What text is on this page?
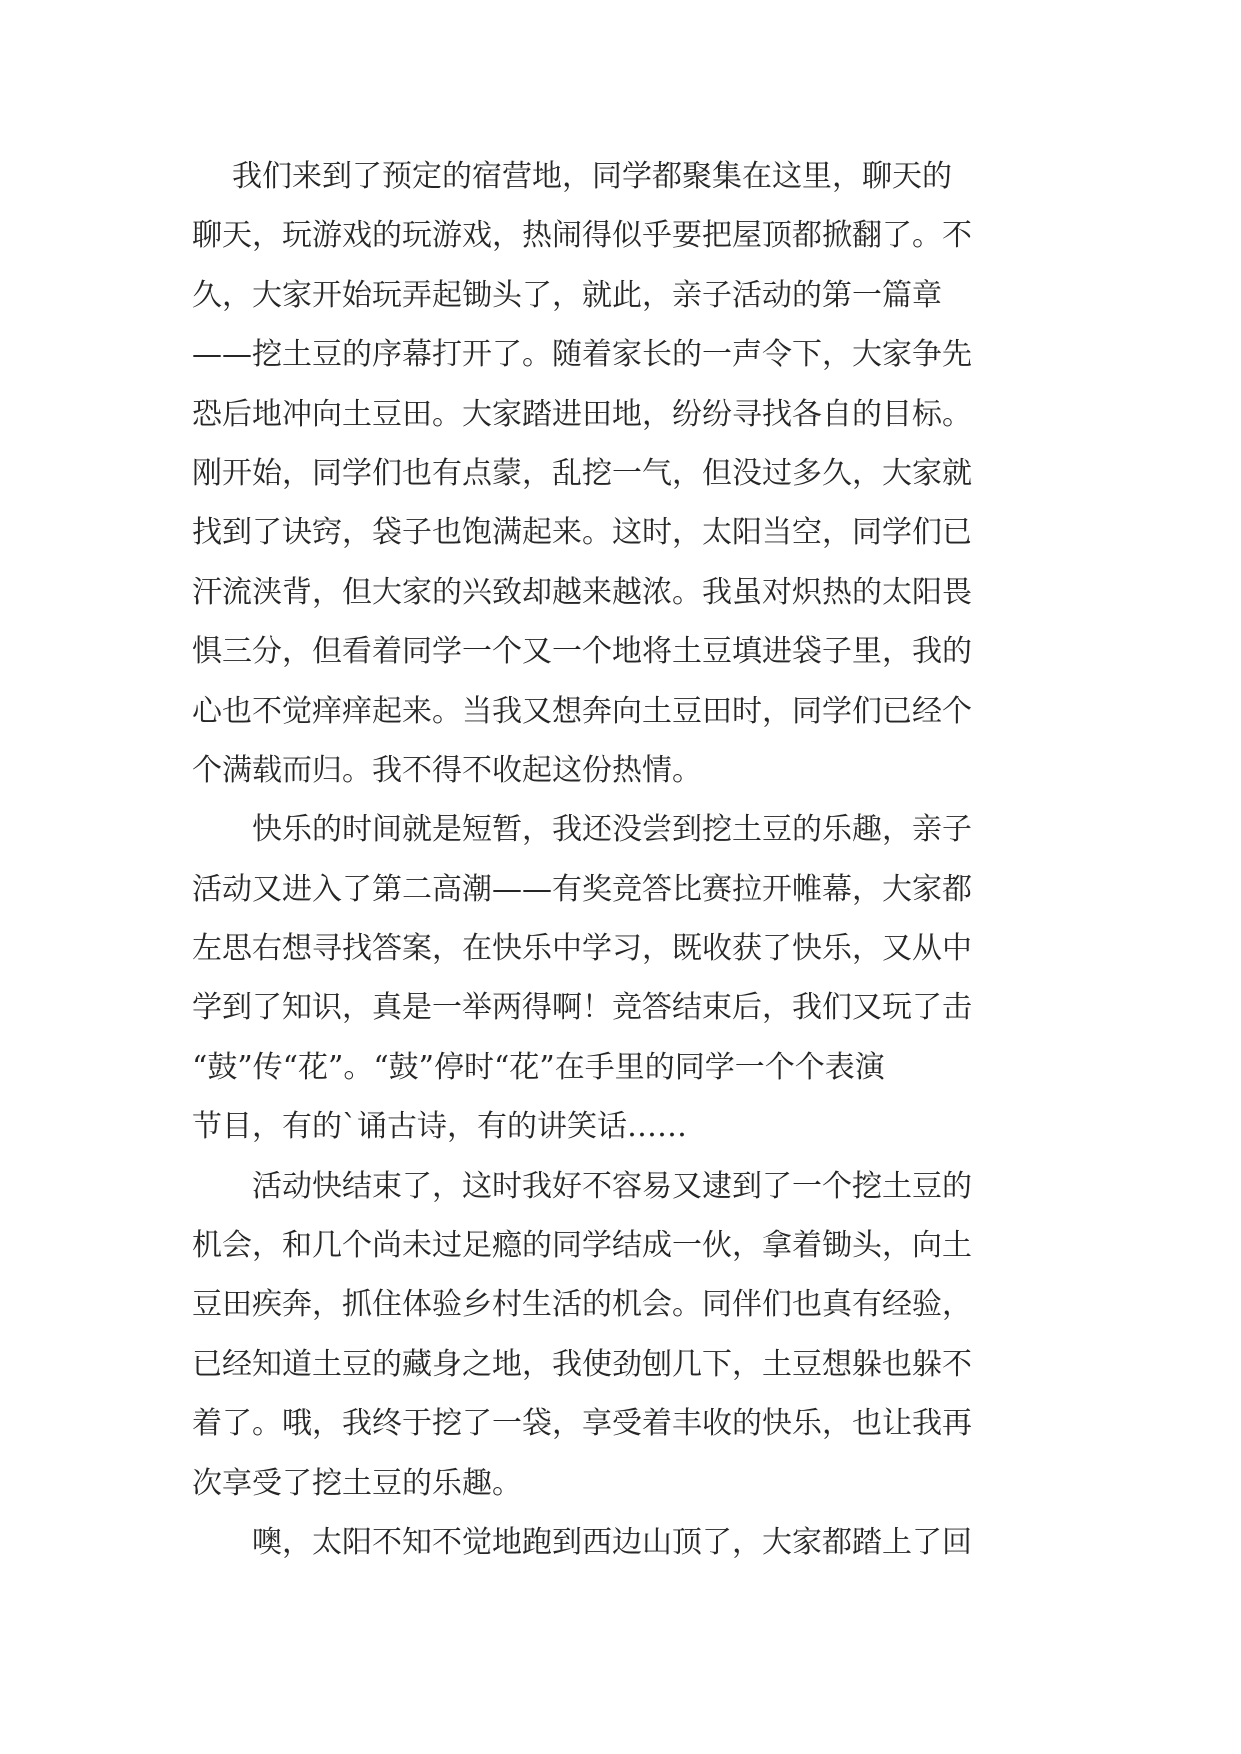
我们来到了预定的宿营地，同学都聚集在这里，聊天的
聊天，玩游戏的玩游戏，热闹得似乎要把屋顶都掀翻了。不
久，大家开始玩弄起锄头了，就此，亲子活动的第一篇章
——挖土豆的序幕打开了。随着家长的一声令下，大家争先
恐后地冲向土豆田。大家踏进田地，纷纷寻找各自的目标。
刚开始，同学们也有点蒙，乱挖一气，但没过多久，大家就
找到了诀窍，袋子也饱满起来。这时，太阳当空，同学们已
汗流浃背，但大家的兴致却越来越浓。我虽对炽热的太阳畏
惧三分，但看着同学一个又一个地将土豆填进袋子里，我的
心也不觉痒痒起来。当我又想奔向土豆田时，同学们已经个
个满载而归。我不得不收起这份热情。
快乐的时间就是短暂，我还没尝到挖土豆的乐趣，亲子
活动又进入了第二高潮——有奖竞答比赛拉开帷幕，大家都
左思右想寻找答案，在快乐中学习，既收获了快乐，又从中
学到了知识，真是一举两得啊！竞答结束后，我们又玩了击
“鼓”传“花”。“鼓”停时“花”在手里的同学一个个表演
节目，有的`诵古诗，有的讲笑话……
活动快结束了，这时我好不容易又逮到了一个挖土豆的
机会，和几个尚未过足瘾的同学结成一伙，拿着锄头，向土
豆田疾奔，抓住体验乡村生活的机会。同伴们也真有经验，
已经知道土豆的藏身之地，我使劲刨几下，土豆想躲也躲不
着了。哦，我终于挖了一袋，享受着丰收的快乐，也让我再
次享受了挖土豆的乐趣。
噢，太阳不知不觉地跑到西边山顶了，大家都踏上了回
